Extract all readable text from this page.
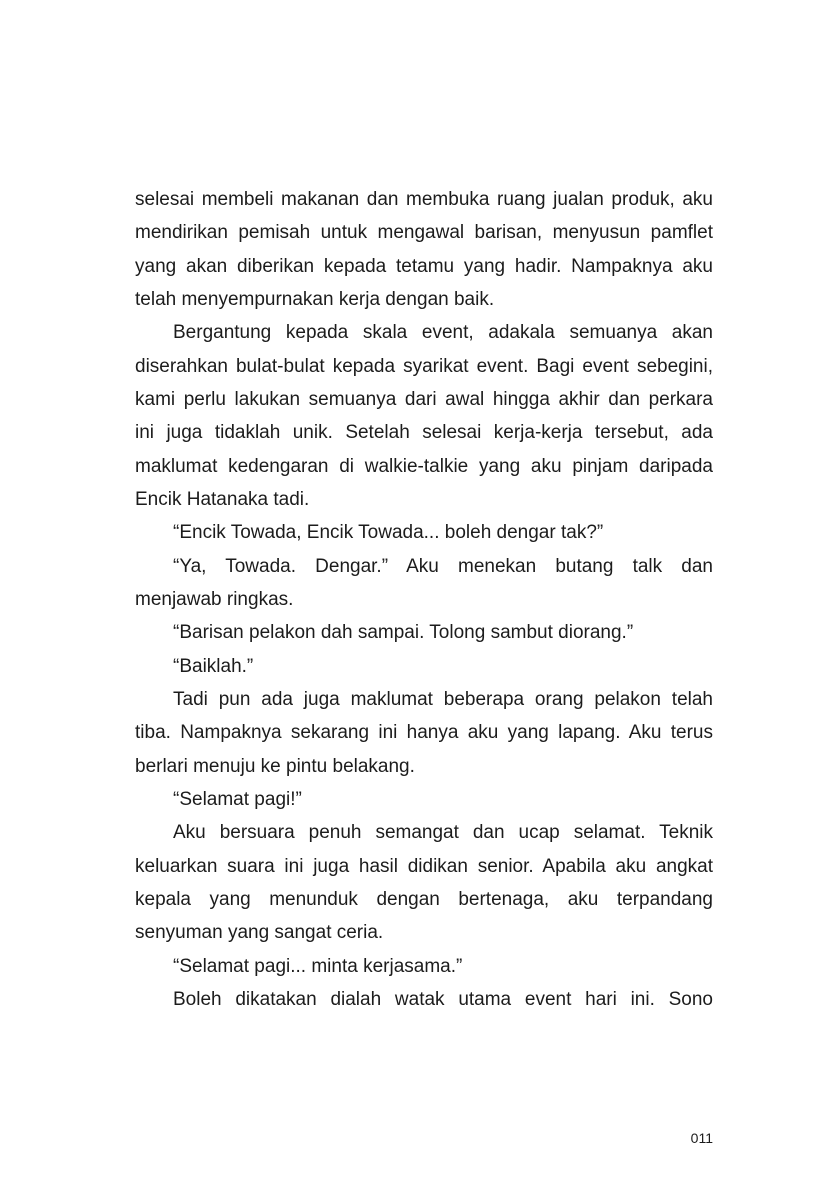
selesai membeli makanan dan membuka ruang jualan produk, aku
mendirikan pemisah untuk mengawal barisan, menyusun pamflet
yang akan diberikan kepada tetamu yang hadir. Nampaknya aku
telah menyempurnakan kerja dengan baik.
Bergantung kepada skala event, adakala semuanya akan
diserahkan bulat-bulat kepada syarikat event. Bagi event sebegini,
kami perlu lakukan semuanya dari awal hingga akhir dan perkara
ini juga tidaklah unik. Setelah selesai kerja-kerja tersebut, ada
maklumat kedengaran di walkie-talkie yang aku pinjam daripada
Encik Hatanaka tadi.
“Encik Towada, Encik Towada... boleh dengar tak?”
“Ya, Towada. Dengar.” Aku menekan butang talk dan
menjawab ringkas.
“Barisan pelakon dah sampai. Tolong sambut diorang.”
“Baiklah.”
Tadi pun ada juga maklumat beberapa orang pelakon telah
tiba. Nampaknya sekarang ini hanya aku yang lapang. Aku terus
berlari menuju ke pintu belakang.
“Selamat pagi!”
Aku bersuara penuh semangat dan ucap selamat. Teknik
keluarkan suara ini juga hasil didikan senior. Apabila aku angkat
kepala yang menunduk dengan bertenaga, aku terpandang
senyuman yang sangat ceria.
“Selamat pagi... minta kerjasama.”
Boleh dikatakan dialah watak utama event hari ini. Sono
011
